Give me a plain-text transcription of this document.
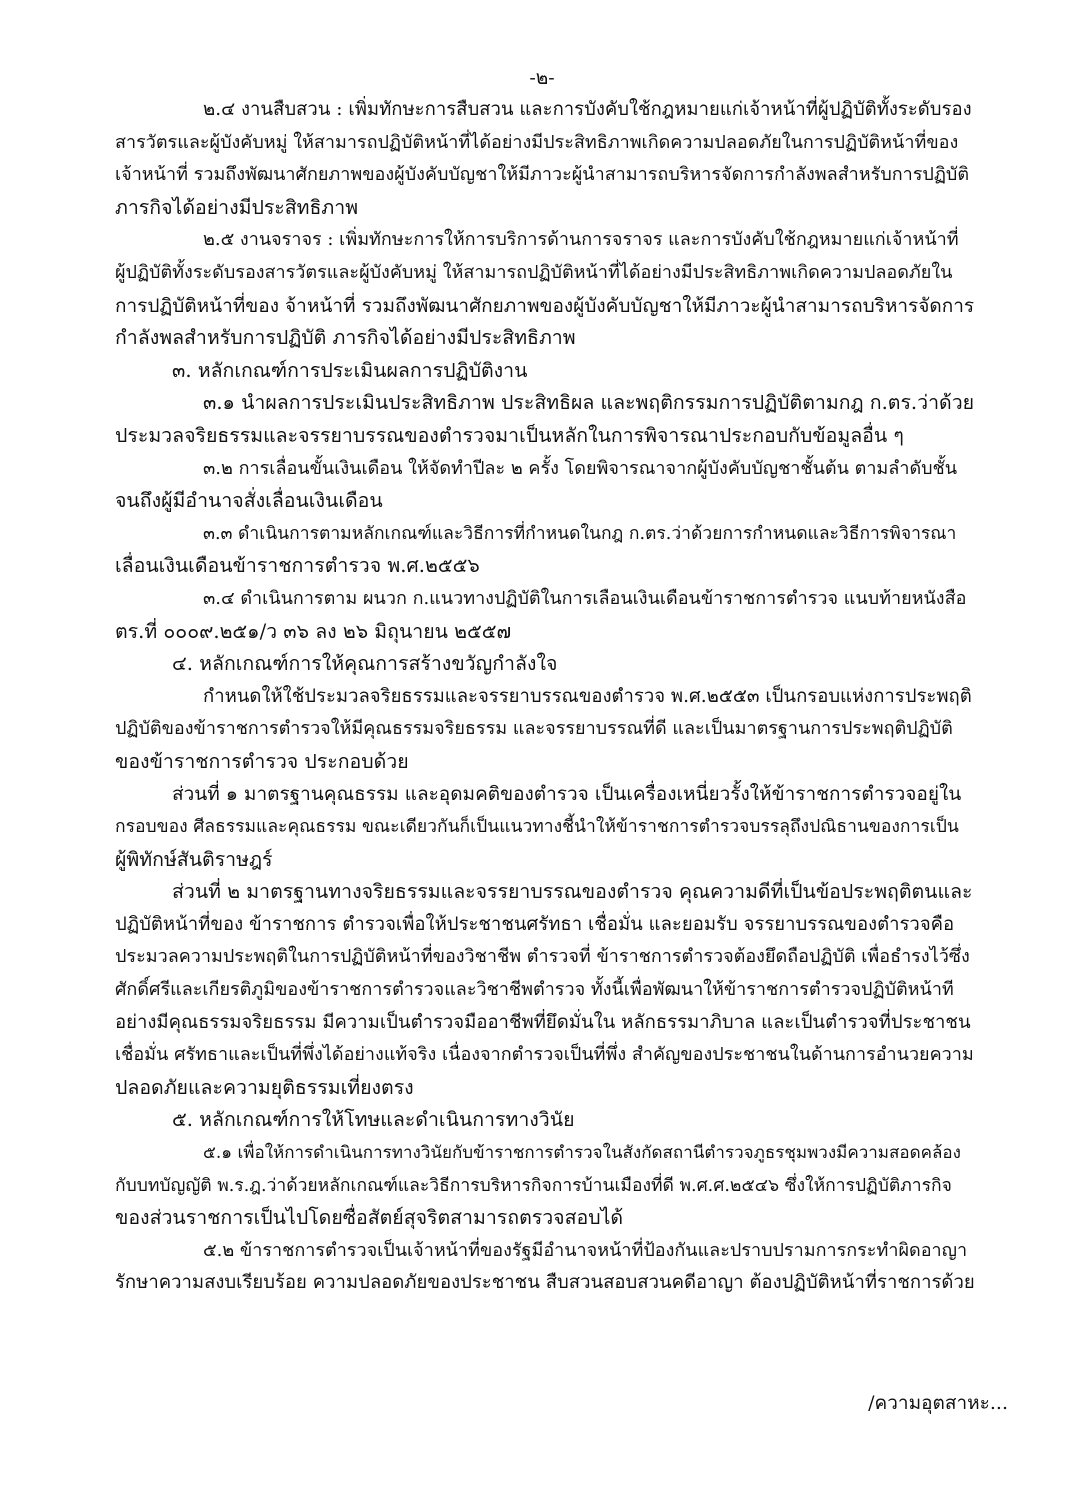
-๒-
๒.๔ งานสืบสวน : เพิ่มทักษะการสืบสวน และการบังคับใช้กฎหมายแก่เจ้าหน้าที่ผู้ปฏิบัติทั้งระดับรอง
สารวัตรและผู้บังคับหมู่ ให้สามารถปฏิบัติหน้าที่ได้อย่างมีประสิทธิภาพเกิดความปลอดภัยในการปฏิบัติหน้าที่ของ
เจ้าหน้าที่ รวมถึงพัฒนาศักยภาพของผู้บังคับบัญชาให้มีภาวะผู้นำสามารถบริหารจัดการกำลังพลสำหรับการปฏิบัติ
ภารกิจได้อย่างมีประสิทธิภาพ
๒.๕ งานจราจร : เพิ่มทักษะการให้การบริการด้านการจราจร และการบังคับใช้กฎหมายแก่เจ้าหน้าที่
ผู้ปฏิบัติทั้งระดับรองสารวัตรและผู้บังคับหมู่ ให้สามารถปฏิบัติหน้าที่ได้อย่างมีประสิทธิภาพเกิดความปลอดภัยใน
การปฏิบัติหน้าที่ของ จ้าหน้าที่ รวมถึงพัฒนาศักยภาพของผู้บังคับบัญชาให้มีภาวะผู้นำสามารถบริหารจัดการ
กำลังพลสำหรับการปฏิบัติ ภารกิจได้อย่างมีประสิทธิภาพ
๓. หลักเกณฑ์การประเมินผลการปฏิบัติงาน
๓.๑ นำผลการประเมินประสิทธิภาพ ประสิทธิผล และพฤติกรรมการปฏิบัติตามกฎ ก.ตร.ว่าด้วย
ประมวลจริยธรรมและจรรยาบรรณของตำรวจมาเป็นหลักในการพิจารณาประกอบกับข้อมูลอื่น ๆ
๓.๒ การเลื่อนขั้นเงินเดือน ให้จัดทำปีละ ๒ ครั้ง โดยพิจารณาจากผู้บังคับบัญชาชั้นต้น ตามลำดับชั้น
จนถึงผู้มีอำนาจสั่งเลื่อนเงินเดือน
๓.๓ ดำเนินการตามหลักเกณฑ์และวิธีการที่กำหนดในกฎ ก.ตร.ว่าด้วยการกำหนดและวิธีการพิจารณา
เลื่อนเงินเดือนข้าราชการตำรวจ พ.ศ.๒๕๕๖
๓.๔ ดำเนินการตาม ผนวก ก.แนวทางปฏิบัติในการเลือนเงินเดือนข้าราชการตำรวจ แนบท้ายหนังสือ
ตร.ที่ ๐๐๐๙.๒๕๑/ว ๓๖ ลง ๒๖ มิถุนายน ๒๕๕๗
๔. หลักเกณฑ์การให้คุณการสร้างขวัญกำลังใจ
กำหนดให้ใช้ประมวลจริยธรรมและจรรยาบรรณของตำรวจ พ.ศ.๒๕๕๓ เป็นกรอบแห่งการประพฤติ
ปฏิบัติของข้าราชการตำรวจให้มีคุณธรรมจริยธรรม และจรรยาบรรณที่ดี และเป็นมาตรฐานการประพฤติปฏิบัติ
ของข้าราชการตำรวจ ประกอบด้วย
ส่วนที่ ๑ มาตรฐานคุณธรรม และอุดมคติของตำรวจ เป็นเครื่องเหนี่ยวรั้งให้ข้าราชการตำรวจอยู่ใน
กรอบของ ศีลธรรมและคุณธรรม ขณะเดียวกันก็เป็นแนวทางชี้นำให้ข้าราชการตำรวจบรรลุถึงปณิธานของการเป็น
ผู้พิทักษ์สันติราษฎร์
ส่วนที่ ๒ มาตรฐานทางจริยธรรมและจรรยาบรรณของตำรวจ คุณความดีที่เป็นข้อประพฤติตนและ
ปฏิบัติหน้าที่ของ ข้าราชการ ตำรวจเพื่อให้ประชาชนศรัทธา เชื่อมั่น และยอมรับ จรรยาบรรณของตำรวจคือ
ประมวลความประพฤติในการปฏิบัติหน้าที่ของวิชาชีพ ตำรวจที่ ข้าราชการตำรวจต้องยึดถือปฏิบัติ เพื่อธำรงไว้ซึ่ง
ศักดิ์ศรีและเกียรติภูมิของข้าราชการตำรวจและวิชาชีพตำรวจ ทั้งนี้เพื่อพัฒนาให้ข้าราชการตำรวจปฏิบัติหน้าที
อย่างมีคุณธรรมจริยธรรม มีความเป็นตำรวจมืออาชีพที่ยึดมั่นใน หลักธรรมาภิบาล และเป็นตำรวจที่ประชาชน
เชื่อมั่น ศรัทธาและเป็นที่พึ่งได้อย่างแท้จริง เนื่องจากตำรวจเป็นที่พึ่ง สำคัญของประชาชนในด้านการอำนวยความ
ปลอดภัยและความยุติธรรมเที่ยงตรง
๕. หลักเกณฑ์การให้โทษและดำเนินการทางวินัย
๕.๑ เพื่อให้การดำเนินการทางวินัยกับข้าราชการตำรวจในสังกัดสถานีตำรวจภูธรชุมพวงมีความสอดคล้อง
กับบทบัญญัติ พ.ร.ฎ.ว่าด้วยหลักเกณฑ์และวิธีการบริหารกิจการบ้านเมืองที่ดี พ.ศ.ศ.๒๕๔๖ ซึ่งให้การปฏิบัติภารกิจ
ของส่วนราชการเป็นไปโดยซื่อสัตย์สุจริตสามารถตรวจสอบได้
๕.๒ ข้าราชการตำรวจเป็นเจ้าหน้าที่ของรัฐมีอำนาจหน้าที่ป้องกันและปราบปรามการกระทำผิดอาญา
รักษาความสงบเรียบร้อย ความปลอดภัยของประชาชน สืบสวนสอบสวนคดีอาญา ต้องปฏิบัติหน้าที่ราชการด้วย
/ความอุตสาหะ...
